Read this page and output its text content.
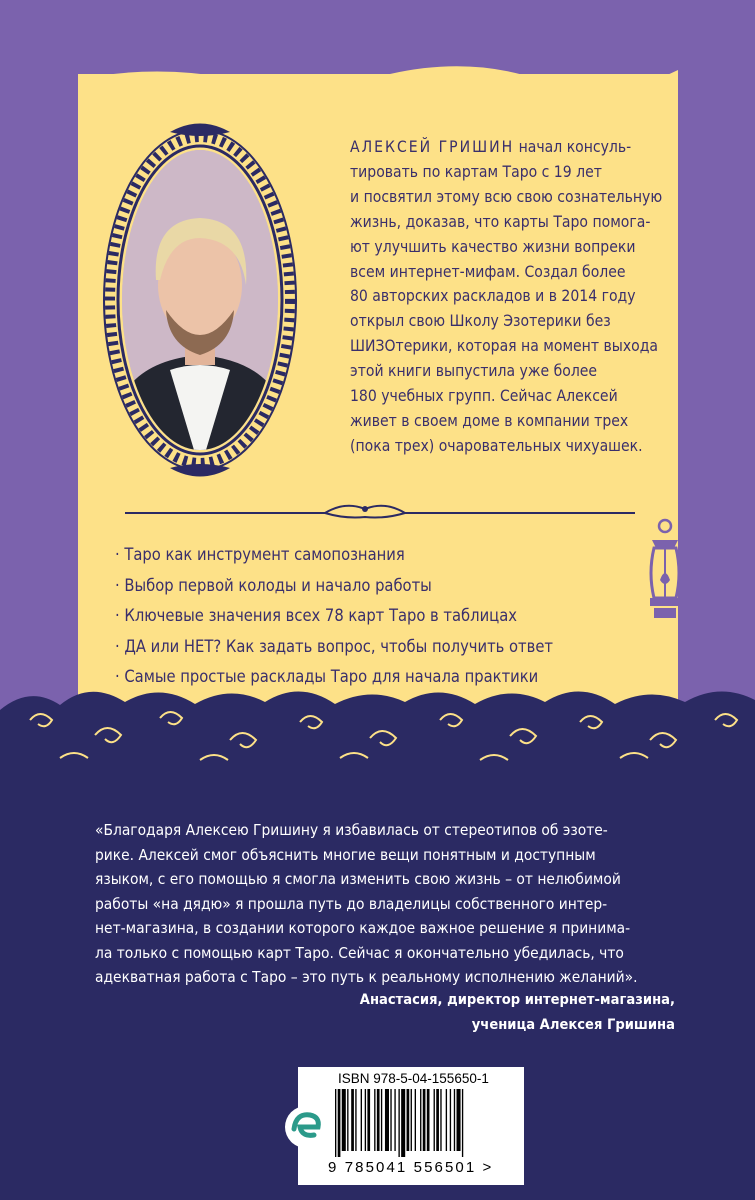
АЛЕКСЕЙ ГРИШИН начал консуль-
тировать по картам Таро с 19 лет
и посвятил этому всю свою сознательную
жизнь, доказав, что карты Таро помога-
ют улучшить качество жизни вопреки
всем интернет-мифам. Создал более
80 авторских раскладов и в 2014 году
открыл свою Школу Эзотерики без
ШИЗОтерики, которая на момент выхода
этой книги выпустила уже более
180 учебных групп. Сейчас Алексей
живет в своем доме в компании трех
(пока трех) очаровательных чихуашек.
· Таро как инструмент самопознания
· Выбор первой колоды и начало работы
· Ключевые значения всех 78 карт Таро в таблицах
· ДА или НЕТ? Как задать вопрос, чтобы получить ответ
· Самые простые расклады Таро для начала практики
«Благодаря Алексею Гришину я избавилась от стереотипов об эзоте-
рике. Алексей смог объяснить многие вещи понятным и доступным
языком, с его помощью я смогла изменить свою жизнь – от нелюбимой
работы «на дядю» я прошла путь до владелицы собственного интер-
нет-магазина, в создании которого каждое важное решение я принима-
ла только с помощью карт Таро. Сейчас я окончательно убедилась, что
адекватная работа с Таро – это путь к реальному исполнению желаний».
Анастасия, директор интернет-магазина,
ученица Алексея Гришина
ISBN 978-5-04-155650-1
9 785041 556501 >
